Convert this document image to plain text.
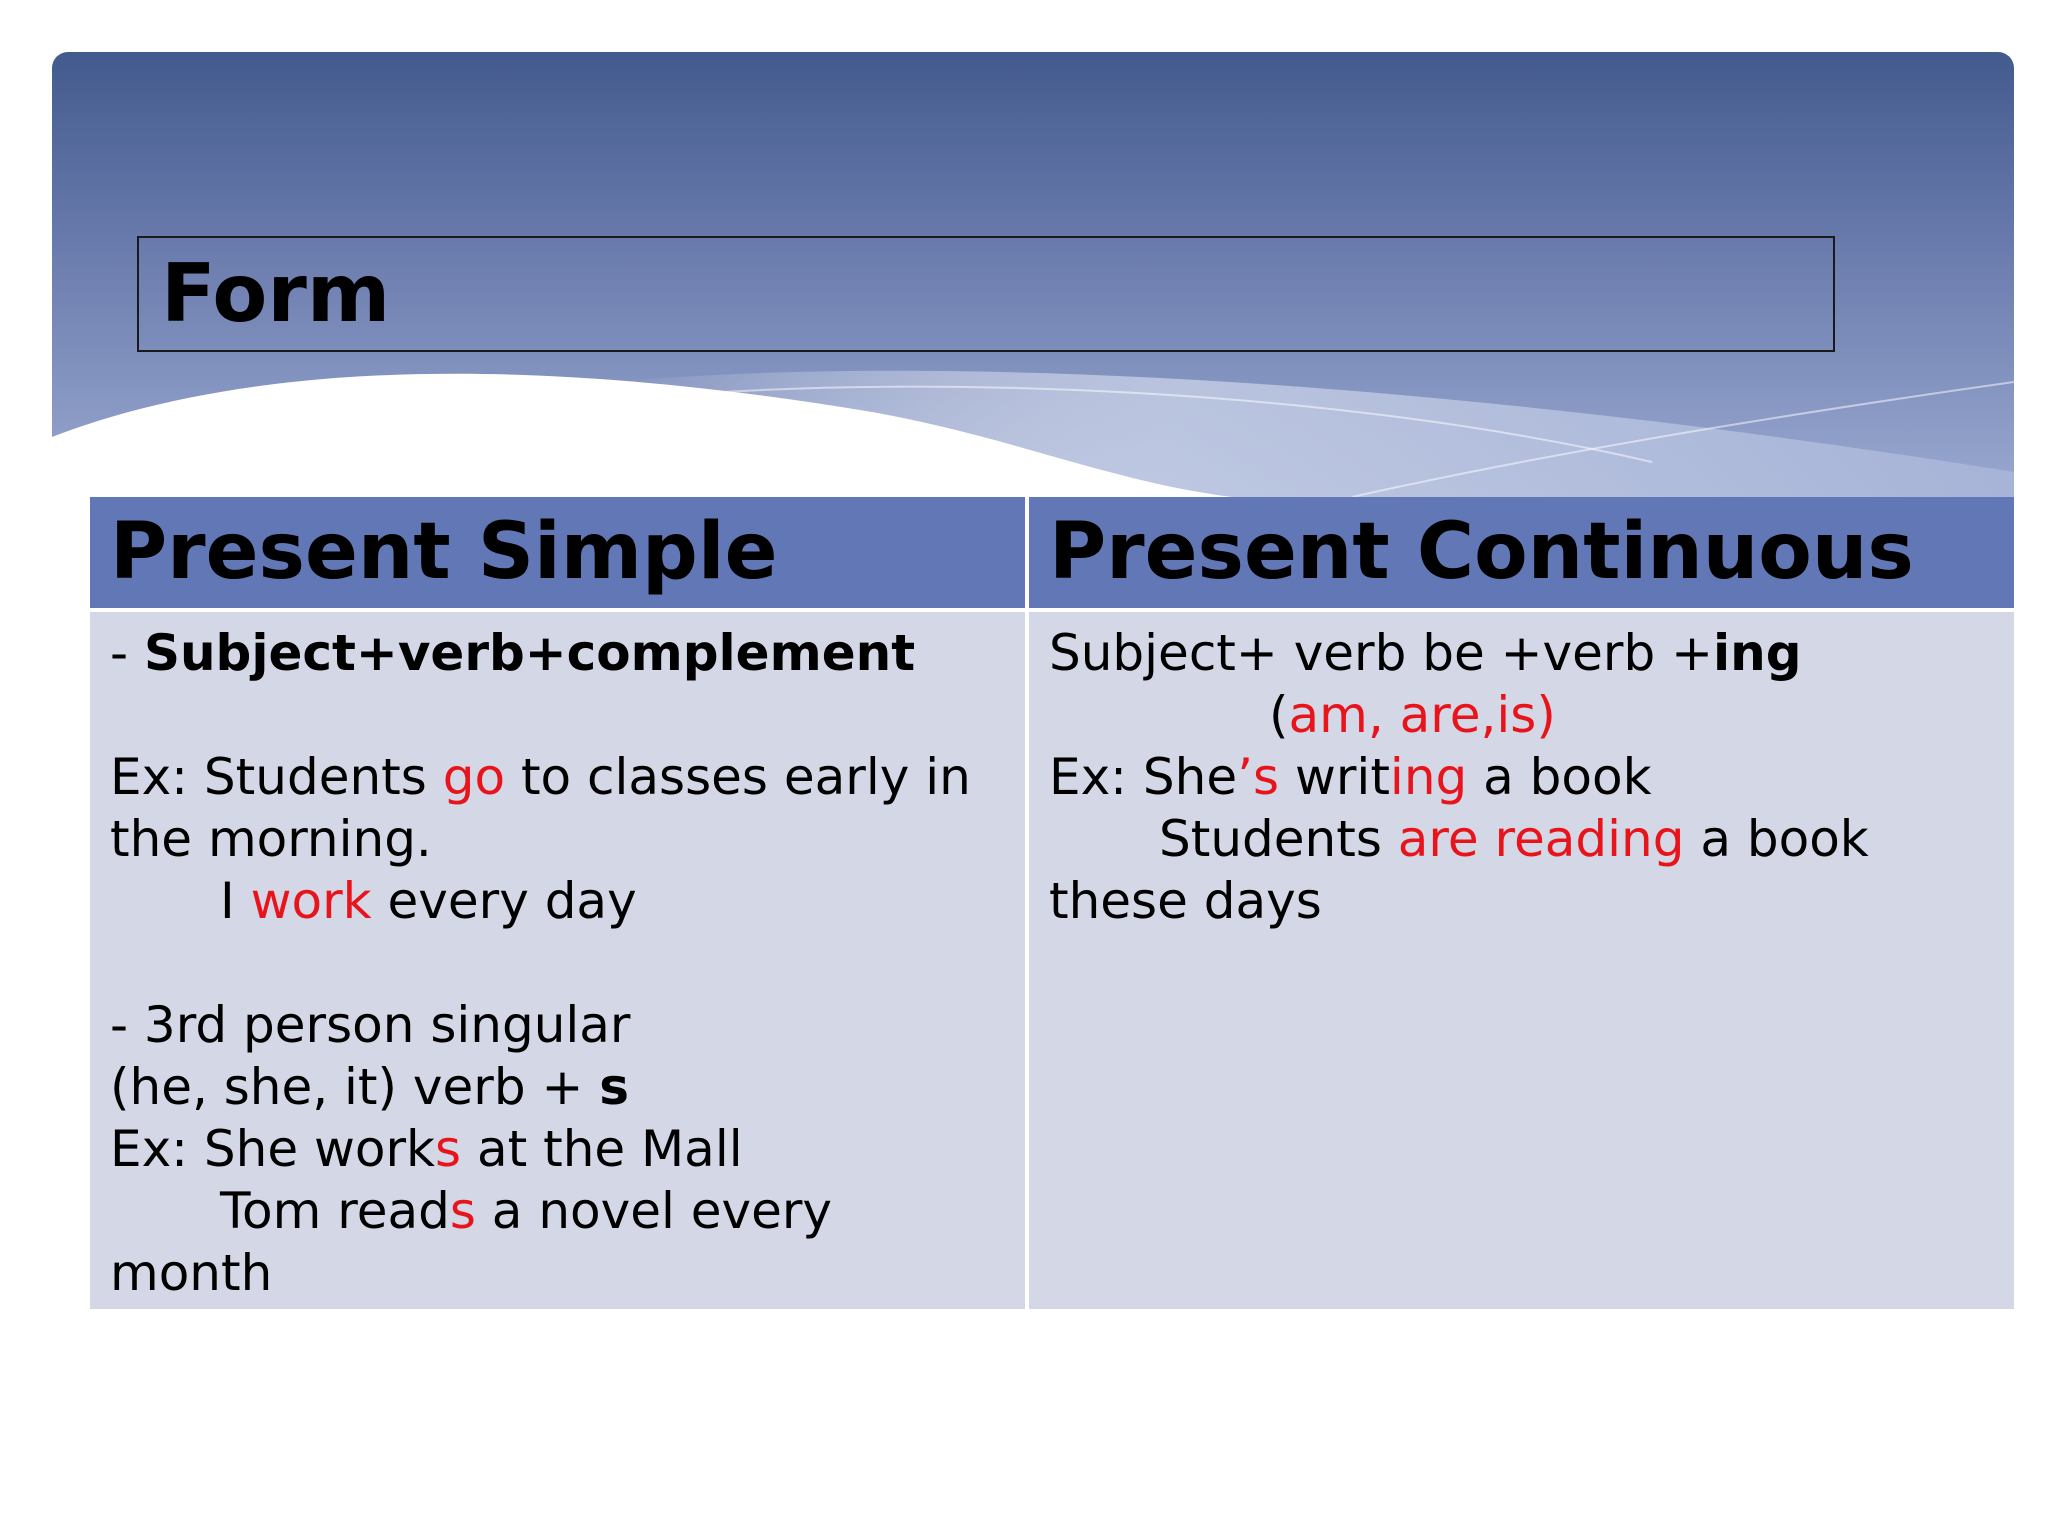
Form
Present Simple	Present Continuous
- Subject+verb+complement
Ex: Students go to classes early in
the morning.
I work every day
- 3rd person singular
(he, she, it) verb + s
Ex: She works at the Mall
Tom reads a novel every
month
Subject+ verb be +verb +ing
(am, are,is)
Ex: She’s writing a book
Students are reading a book
these days
